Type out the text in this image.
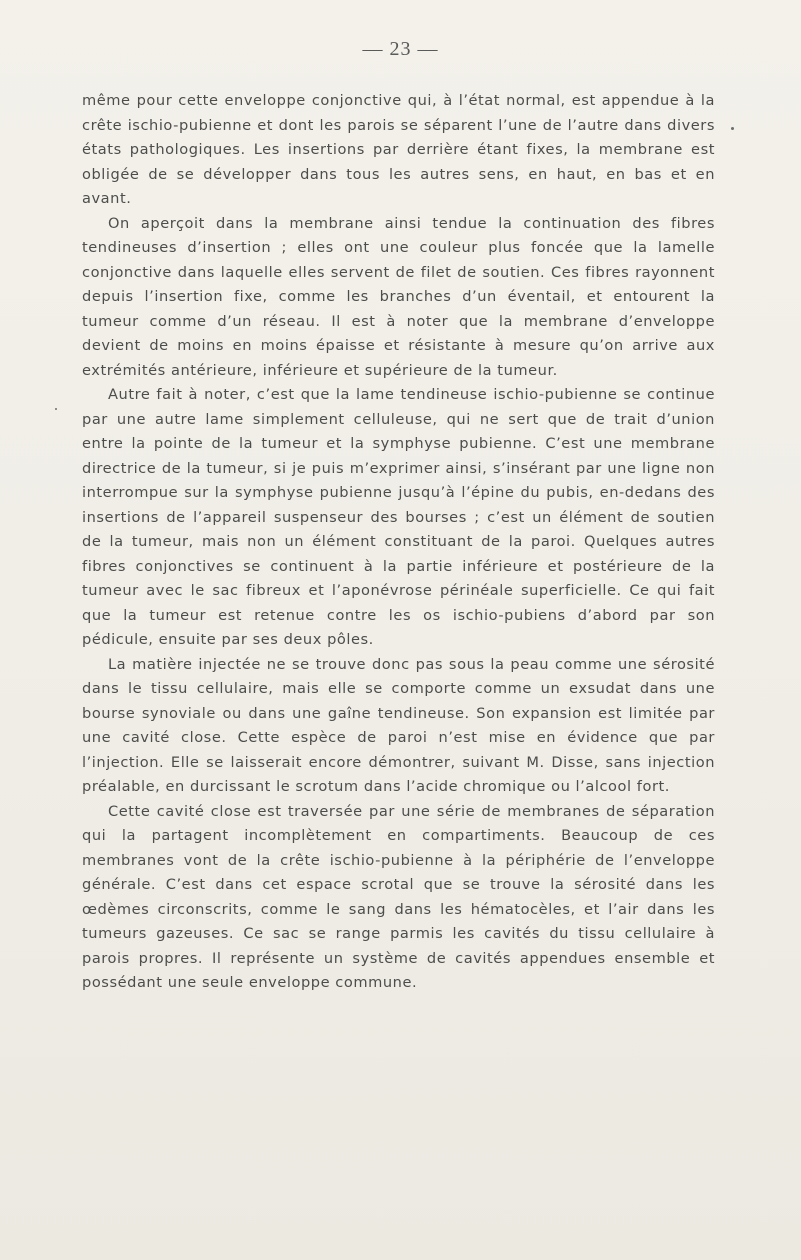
— 23 —

même pour cette enveloppe conjonctive qui, à l’état normal, est appendue à la crête ischio-pubienne et dont les parois se séparent l’une de l’autre dans divers états pathologiques. Les insertions par derrière étant fixes, la membrane est obligée de se développer dans tous les autres sens, en haut, en bas et en avant.

On aperçoit dans la membrane ainsi tendue la continuation des fibres tendineuses d’insertion ; elles ont une couleur plus foncée que la lamelle conjonctive dans laquelle elles servent de filet de soutien. Ces fibres rayonnent depuis l’insertion fixe, comme les branches d’un éventail, et entourent la tumeur comme d’un réseau. Il est à noter que la membrane d’enveloppe devient de moins en moins épaisse et résistante à mesure qu’on arrive aux extrémités antérieure, inférieure et supérieure de la tumeur.

Autre fait à noter, c’est que la lame tendineuse ischio-pubienne se continue par une autre lame simplement celluleuse, qui ne sert que de trait d’union entre la pointe de la tumeur et la symphyse pubienne. C’est une membrane directrice de la tumeur, si je puis m’exprimer ainsi, s’insérant par une ligne non interrompue sur la symphyse pubienne jusqu’à l’épine du pubis, en-dedans des insertions de l’appareil suspenseur des bourses ; c’est un élément de soutien de la tumeur, mais non un élément constituant de la paroi. Quelques autres fibres conjonctives se continuent à la partie inférieure et postérieure de la tumeur avec le sac fibreux et l’aponévrose périnéale superficielle. Ce qui fait que la tumeur est retenue contre les os ischio-pubiens d’abord par son pédicule, ensuite par ses deux pôles.

La matière injectée ne se trouve donc pas sous la peau comme une sérosité dans le tissu cellulaire, mais elle se comporte comme un exsudat dans une bourse synoviale ou dans une gaîne tendineuse. Son expansion est limitée par une cavité close. Cette espèce de paroi n’est mise en évidence que par l’injection. Elle se laisserait encore démontrer, suivant M. Disse, sans injection préalable, en durcissant le scrotum dans l’acide chromique ou l’alcool fort.

Cette cavité close est traversée par une série de membranes de séparation qui la partagent incomplètement en compartiments. Beaucoup de ces membranes vont de la crête ischio-pubienne à la périphérie de l’enveloppe générale. C’est dans cet espace scrotal que se trouve la sérosité dans les œdèmes circonscrits, comme le sang dans les hématocèles, et l’air dans les tumeurs gazeuses. Ce sac se range parmis les cavités du tissu cellulaire à parois propres. Il représente un système de cavités appendues ensemble et possédant une seule enveloppe commune.
